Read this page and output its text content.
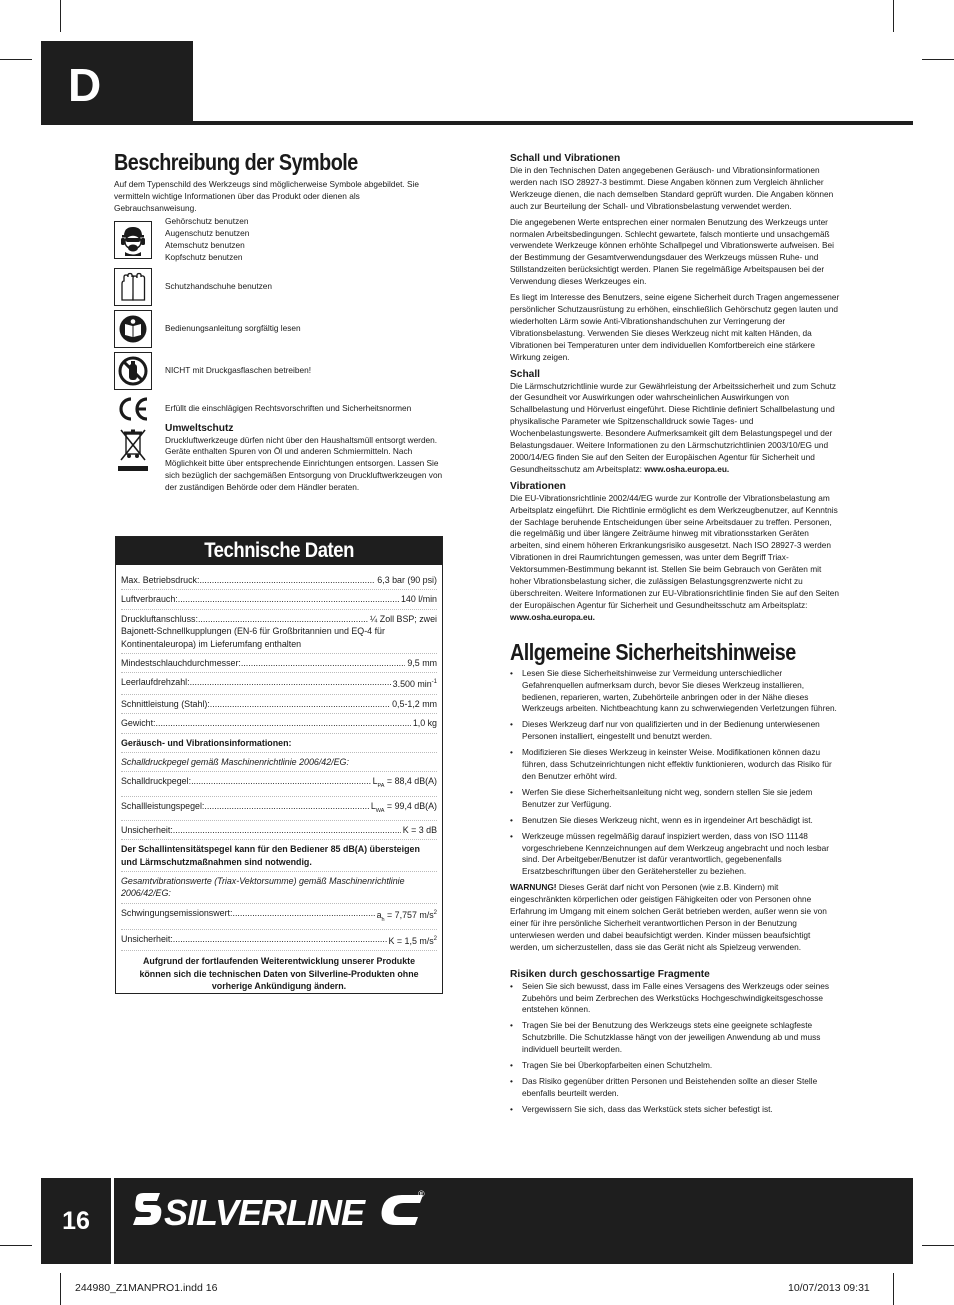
D
Beschreibung der Symbole
Auf dem Typenschild des Werkzeugs sind möglicherweise Symbole abgebildet. Sie vermitteln wichtige Informationen über das Produkt oder dienen als Gebrauchsanweisung.
Gehörschutz benutzen
Augenschutz benutzen
Atemschutz benutzen
Kopfschutz benutzen
Schutzhandschuhe benutzen
Bedienungsanleitung sorgfältig lesen
NICHT mit Druckgasflaschen betreiben!
Erfüllt die einschlägigen Rechtsvorschriften und Sicherheitsnormen
Umweltschutz
Druckluftwerkzeuge dürfen nicht über den Haushaltsmüll entsorgt werden. Geräte enthalten Spuren von Öl und anderen Schmiermitteln. Nach Möglichkeit bitte über entsprechende Einrichtungen entsorgen. Lassen Sie sich bezüglich der sachgemäßen Entsorgung von Druckluftwerkzeugen von der zuständigen Behörde oder dem Händler beraten.
Technische Daten
Max. Betriebsdruck: .....	6,3 bar (90 psi)
Luftverbrauch: .....	140 l/min
Druckluftanschluss: .....	¼ Zoll BSP; zwei
Bajonett-Schnellkupplungen (EN-6 für Großbritannien und EQ-4 für Kontinentaleuropa) im Lieferumfang enthalten
Mindestschlauchdurchmesser: .....	9,5 mm
Leerlaufdrehzahl: .....	3.500 $\min^{-1}$
Schnittleistung (Stahl): .....	0,5-1,2 mm
Gewicht: .....	1,0 kg
Geräusch- und Vibrationsinformationen:
Schalldruckpegel gemäß Maschinenrichtlinie 2006/42/EG:
Schalldruckpegel: .....	$L_{PA} = 88,4$ dB(A)
Schallleistungspegel: .....	$L_{WA} = 99,4$ dB(A)
Unsicherheit: .....	K = 3 dB
Der Schallintensitätspegel kann für den Bediener 85 dB(A) übersteigen und Lärmschutzmaßnahmen sind notwendig.
Gesamtvibrationswerte (Triax-Vektorsumme) gemäß Maschinenrichtlinie 2006/42/EG:
Schwingungsemissionswert: .....	$a_h = 7,757$ $m/s^2$
Unsicherheit: .....	K = 1,5 $m/s^2$
Aufgrund der fortlaufenden Weiterentwicklung unserer Produkte können sich die technischen Daten von Silverline-Produkten ohne vorherige Ankündigung ändern.
Schall und Vibrationen
Die in den Technischen Daten angegebenen Geräusch- und Vibrationsinformationen werden nach ISO 28927-3 bestimmt. Diese Angaben können zum Vergleich ähnlicher Werkzeuge dienen, die nach demselben Standard geprüft wurden. Die Angaben können auch zur Beurteilung der Schall- und Vibrationsbelastung verwendet werden.
Die angegebenen Werte entsprechen einer normalen Benutzung des Werkzeugs unter normalen Arbeitsbedingungen. Schlecht gewartete, falsch montierte und unsachgemäß verwendete Werkzeuge können erhöhte Schallpegel und Vibrationswerte aufweisen. Bei der Bestimmung der Gesamtverwendungsdauer des Werkzeugs müssen Ruhe- und Stillstandzeiten berücksichtigt werden. Planen Sie regelmäßige Arbeitspausen bei der Verwendung dieses Werkzeuges ein.
Es liegt im Interesse des Benutzers, seine eigene Sicherheit durch Tragen angemessener persönlicher Schutzausrüstung zu erhöhen, einschließlich Gehörschutz gegen lauten und wiederholten Lärm sowie Anti-Vibrationshandschuhen zur Verringerung der Vibrationsbelastung. Verwenden Sie dieses Werkzeug nicht mit kalten Händen, da Vibrationen bei Temperaturen unter dem individuellen Komfortbereich eine stärkere Wirkung zeigen.
Schall
Die Lärmschutzrichtlinie wurde zur Gewährleistung der Arbeitssicherheit und zum Schutz der Gesundheit vor Auswirkungen oder wahrscheinlichen Auswirkungen von Schallbelastung und Hörverlust eingeführt. Diese Richtlinie definiert Schallbelastung und physikalische Parameter wie Spitzenschalldruck sowie Tages- und Wochenbelastungswerte. Besondere Aufmerksamkeit gilt dem Belastungspegel und der Belastungsdauer. Weitere Informationen zu den Lärmschutzrichtlinien 2003/10/EG und 2000/14/EG finden Sie auf den Seiten der Europäischen Agentur für Sicherheit und Gesundheitsschutz am Arbeitsplatz: www.osha.europa.eu.
Vibrationen
Die EU-Vibrationsrichtlinie 2002/44/EG wurde zur Kontrolle der Vibrationsbelastung am Arbeitsplatz eingeführt. Die Richtlinie ermöglicht es dem Werkzeugbenutzer, auf Kenntnis der Sachlage beruhende Entscheidungen über seine Arbeitsdauer zu treffen. Personen, die regelmäßig und über längere Zeiträume hinweg mit vibrationsstarken Geräten arbeiten, sind einem höheren Erkrankungsrisiko ausgesetzt. Nach ISO 28927-3 werden Vibrationen in drei Raumrichtungen gemessen, was unter dem Begriff Triax-Vektorsummen-Bestimmung bekannt ist. Stellen Sie beim Gebrauch von Geräten mit hoher Vibrationsbelastung sicher, die zulässigen Belastungsgrenzwerte nicht zu überschreiten. Weitere Informationen zur EU-Vibrationsrichtlinie finden Sie auf den Seiten der Europäischen Agentur für Sicherheit und Gesundheitsschutz am Arbeitsplatz: www.osha.europa.eu.
Allgemeine Sicherheitshinweise
• Lesen Sie diese Sicherheitshinweise zur Vermeidung unterschiedlicher Gefahrenquellen aufmerksam durch, bevor Sie dieses Werkzeug installieren, bedienen, reparieren, warten, Zubehörteile anbringen oder in der Nähe dieses Werkzeugs arbeiten. Nichtbeachtung kann zu schwerwiegenden Verletzungen führen.
• Dieses Werkzeug darf nur von qualifizierten und in der Bedienung unterwiesenen Personen installiert, eingestellt und benutzt werden.
• Modifizieren Sie dieses Werkzeug in keinster Weise. Modifikationen können dazu führen, dass Schutzeinrichtungen nicht effektiv funktionieren, wodurch das Risiko für den Benutzer erhöht wird.
• Werfen Sie diese Sicherheitsanleitung nicht weg, sondern stellen Sie sie jedem Benutzer zur Verfügung.
• Benutzen Sie dieses Werkzeug nicht, wenn es in irgendeiner Art beschädigt ist.
• Werkzeuge müssen regelmäßig darauf inspiziert werden, dass von ISO 11148 vorgeschriebene Kennzeichnungen auf dem Werkzeug angebracht und noch lesbar sind. Der Arbeitgeber/Benutzer ist dafür verantwortlich, gegebenenfalls Ersatzbeschriftungen über den Gerätehersteller zu beziehen.
WARNUNG! Dieses Gerät darf nicht von Personen (wie z.B. Kindern) mit eingeschränkten körperlichen oder geistigen Fähigkeiten oder von Personen ohne Erfahrung im Umgang mit einem solchen Gerät betrieben werden, außer wenn sie von einer für ihre persönliche Sicherheit verantwortlichen Person in der Benutzung unterwiesen werden und dabei beaufsichtigt werden. Kinder müssen beaufsichtigt werden, um sicherzustellen, dass sie das Gerät nicht als Spielzeug verwenden.
Risiken durch geschossartige Fragmente
• Seien Sie sich bewusst, dass im Falle eines Versagens des Werkzeugs oder seines Zubehörs und beim Zerbrechen des Werkstücks Hochgeschwindigkeitsgeschosse entstehen können.
• Tragen Sie bei der Benutzung des Werkzeugs stets eine geeignete schlagfeste Schutzbrille. Die Schutzklasse hängt von der jeweiligen Anwendung ab und muss individuell beurteilt werden.
• Tragen Sie bei Überkopfarbeiten einen Schutzhelm.
• Das Risiko gegenüber dritten Personen und Beistehenden sollte an dieser Stelle ebenfalls beurteilt werden.
• Vergewissern Sie sich, dass das Werkstück stets sicher befestigt ist.
16 SILVERLINE	®
244980_Z1MANPRO1.indd 16	10/07/2013 09:31
